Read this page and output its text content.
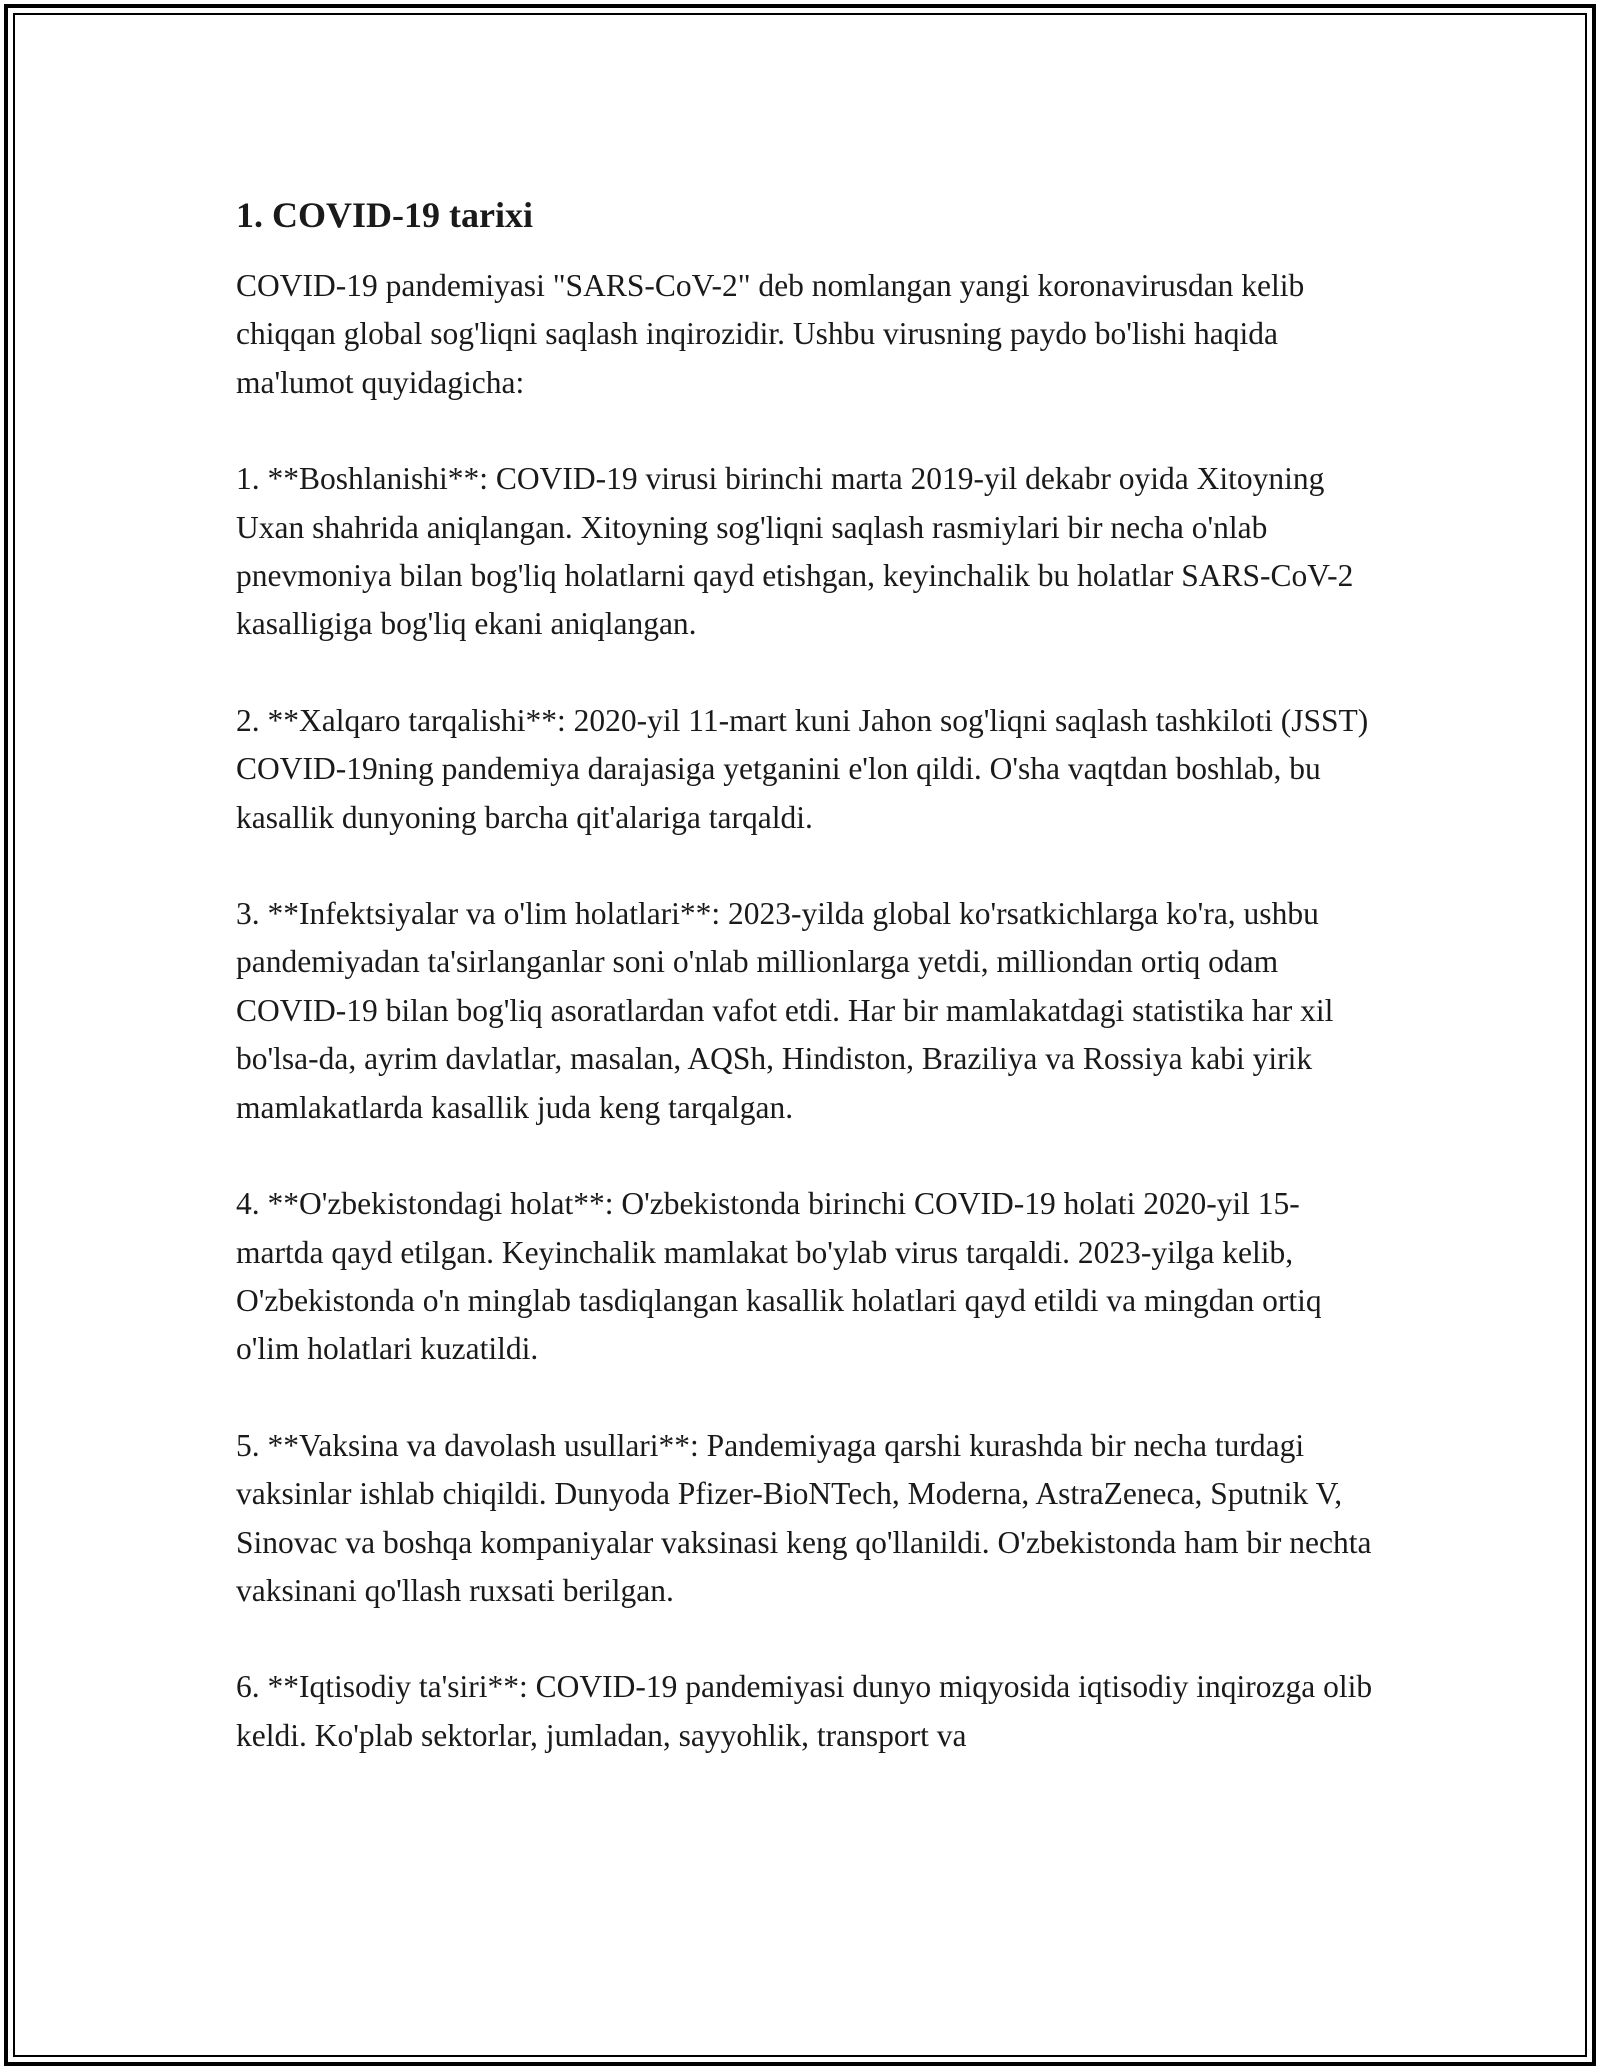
1. COVID-19 tarixi

COVID-19 pandemiyasi "SARS-CoV-2" deb nomlangan yangi koronavirusdan kelib chiqqan global sog'liqni saqlash inqirozidir. Ushbu virusning paydo bo'lishi haqida ma'lumot quyidagicha:

1. **Boshlanishi**: COVID-19 virusi birinchi marta 2019-yil dekabr oyida Xitoyning Uxan shahrida aniqlangan. Xitoyning sog'liqni saqlash rasmiylari bir necha o'nlab pnevmoniya bilan bog'liq holatlarni qayd etishgan, keyinchalik bu holatlar SARS-CoV-2 kasalligiga bog'liq ekani aniqlangan.

2. **Xalqaro tarqalishi**: 2020-yil 11-mart kuni Jahon sog'liqni saqlash tashkiloti (JSST) COVID-19ning pandemiya darajasiga yetganini e'lon qildi. O'sha vaqtdan boshlab, bu kasallik dunyoning barcha qit'alariga tarqaldi.

3. **Infektsiyalar va o'lim holatlari**: 2023-yilda global ko'rsatkichlarga ko'ra, ushbu pandemiyadan ta'sirlanganlar soni o'nlab millionlarga yetdi, milliondan ortiq odam COVID-19 bilan bog'liq asoratlardan vafot etdi. Har bir mamlakatdagi statistika har xil bo'lsa-da, ayrim davlatlar, masalan, AQSh, Hindiston, Braziliya va Rossiya kabi yirik mamlakatlarda kasallik juda keng tarqalgan.

4. **O'zbekistondagi holat**: O'zbekistonda birinchi COVID-19 holati 2020-yil 15-martda qayd etilgan. Keyinchalik mamlakat bo'ylab virus tarqaldi. 2023-yilga kelib, O'zbekistonda o'n minglab tasdiqlangan kasallik holatlari qayd etildi va mingdan ortiq o'lim holatlari kuzatildi.

5. **Vaksina va davolash usullari**: Pandemiyaga qarshi kurashda bir necha turdagi vaksinlar ishlab chiqildi. Dunyoda Pfizer-BioNTech, Moderna, AstraZeneca, Sputnik V, Sinovac va boshqa kompaniyalar vaksinasi keng qo'llanildi. O'zbekistonda ham bir nechta vaksinani qo'llash ruxsati berilgan.

6. **Iqtisodiy ta'siri**: COVID-19 pandemiyasi dunyo miqyosida iqtisodiy inqirozga olib keldi. Ko'plab sektorlar, jumladan, sayyohlik, transport va
